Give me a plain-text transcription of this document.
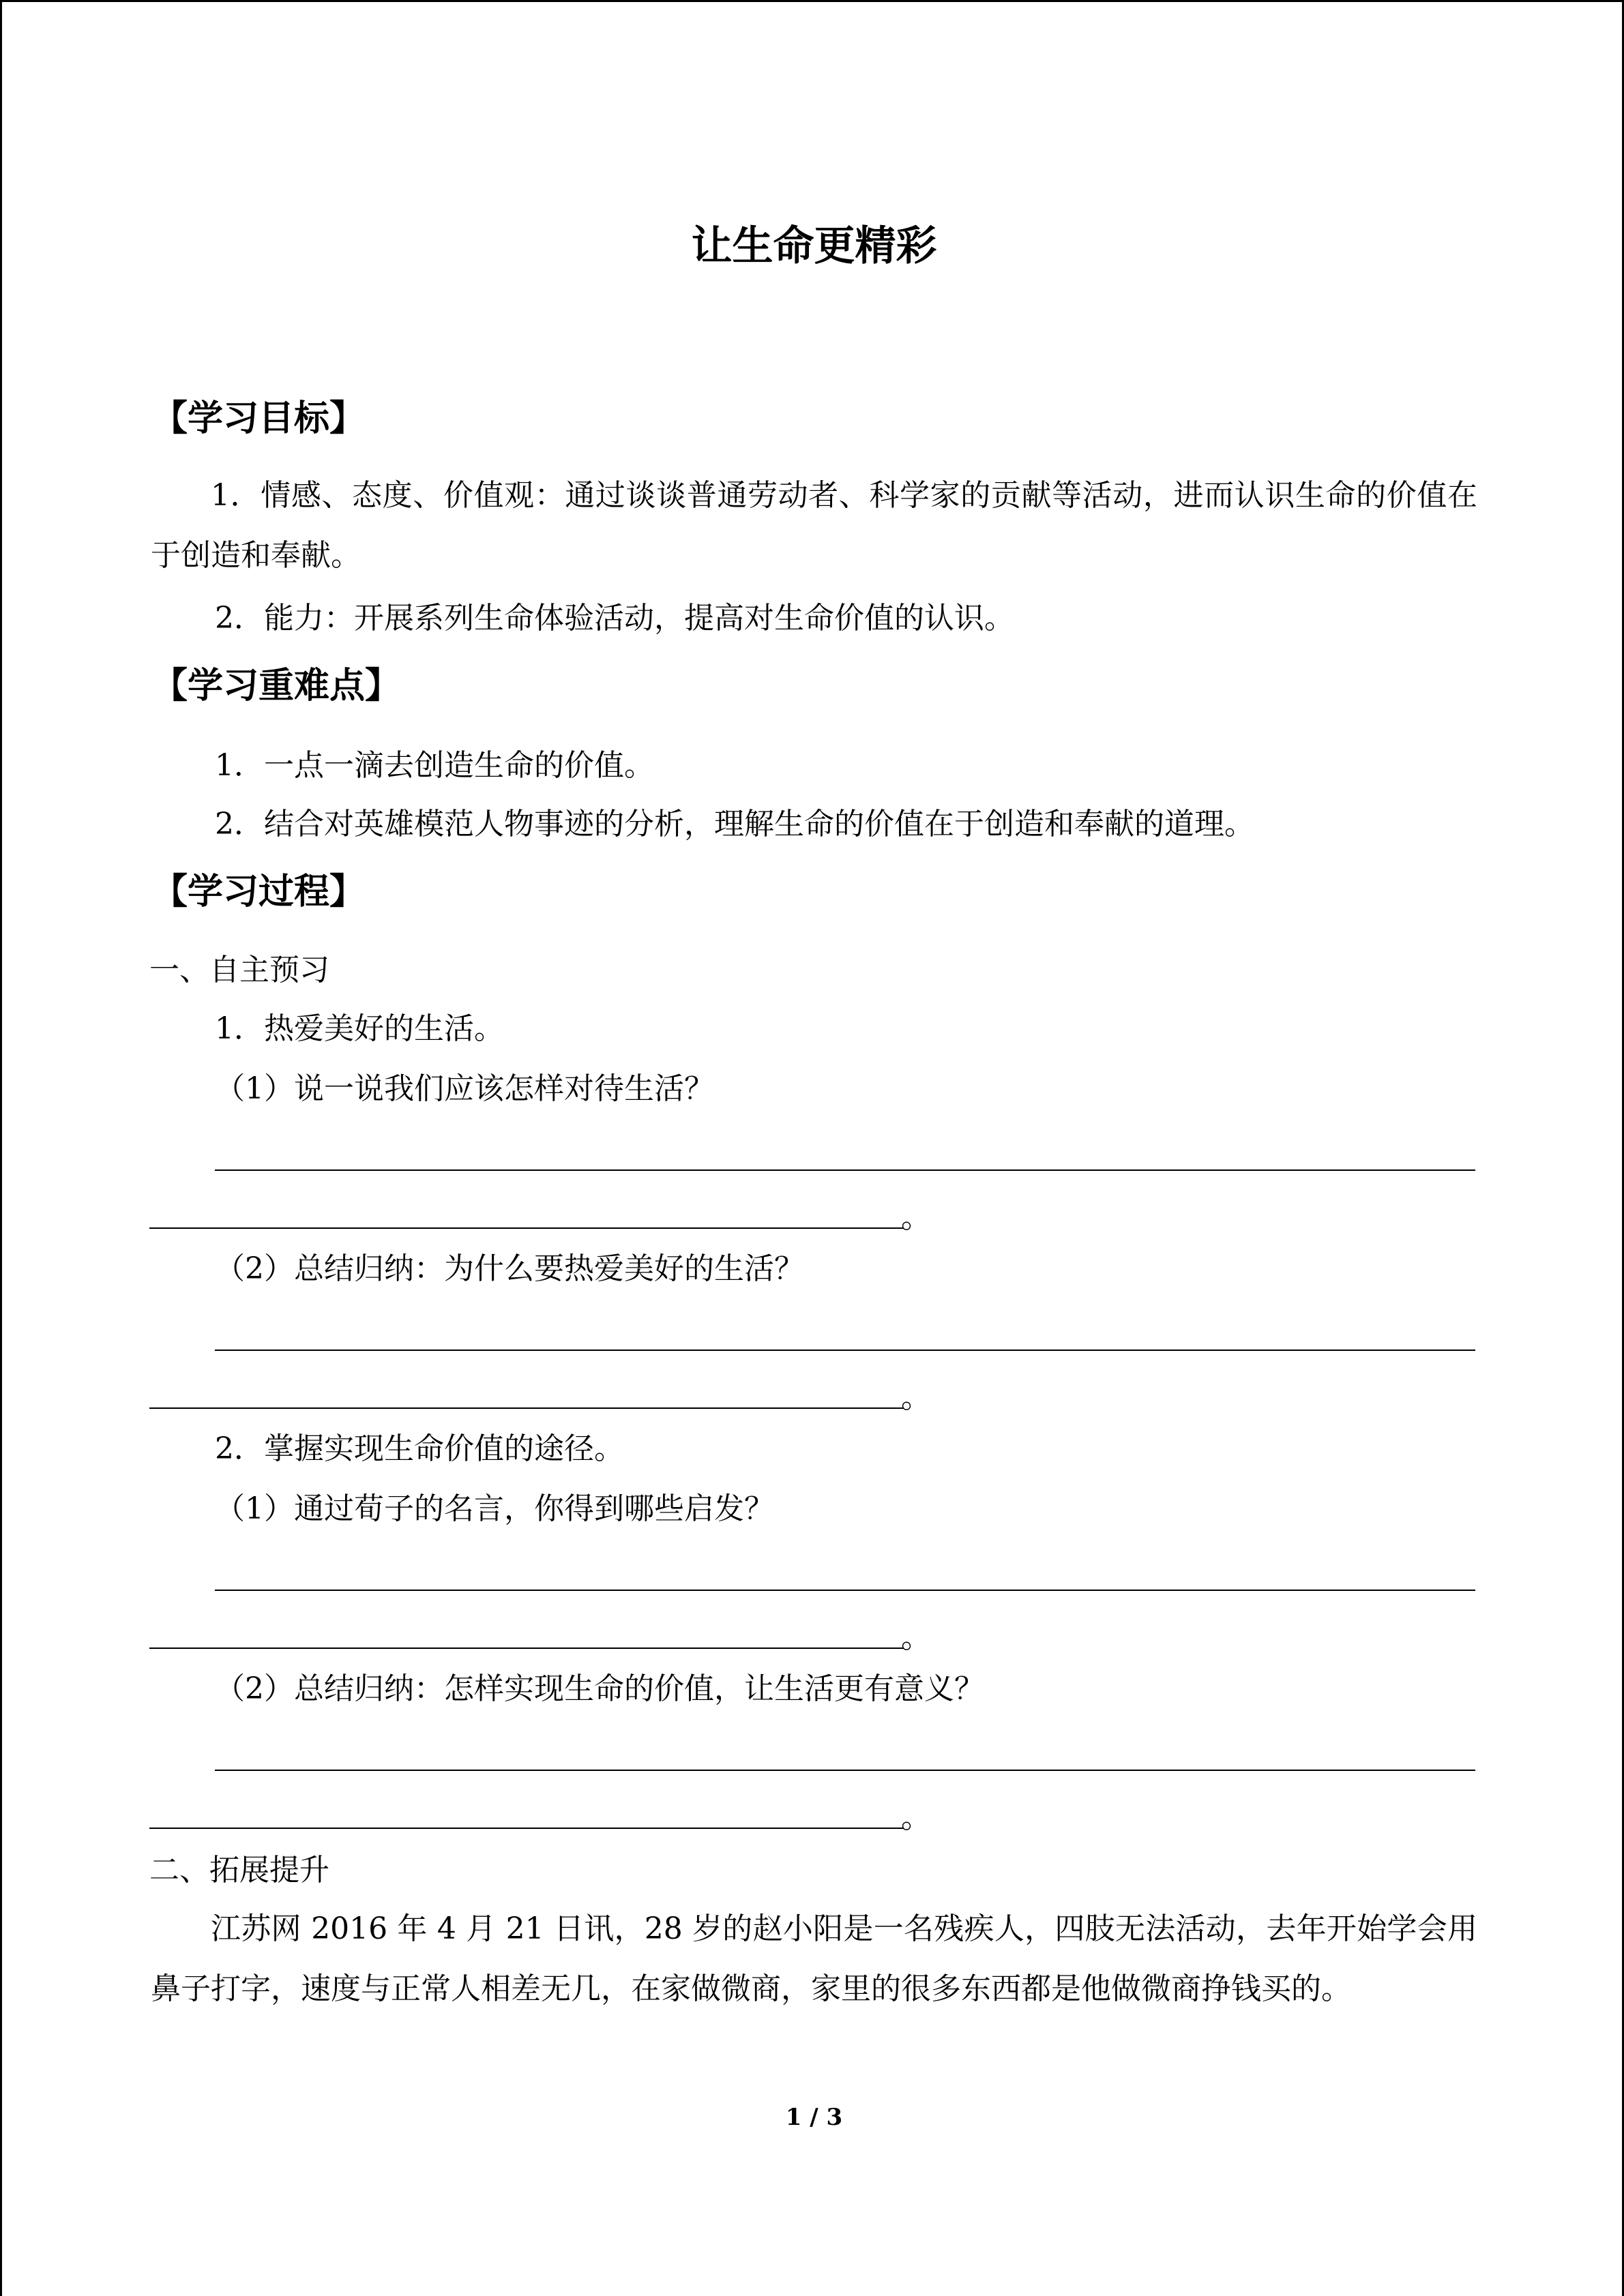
让生命更精彩
【学习目标】
1．情感、态度、价值观：通过谈谈普通劳动者、科学家的贡献等活动，进而认识生命的价值在于创造和奉献。
2．能力：开展系列生命体验活动，提高对生命价值的认识。
【学习重难点】
1．一点一滴去创造生命的价值。
2．结合对英雄模范人物事迹的分析，理解生命的价值在于创造和奉献的道理。
【学习过程】
一、自主预习
1．热爱美好的生活。
（1）说一说我们应该怎样对待生活？
。
（2）总结归纳：为什么要热爱美好的生活？
。
2．掌握实现生命价值的途径。
（1）通过荀子的名言，你得到哪些启发？
。
（2）总结归纳：怎样实现生命的价值，让生活更有意义？
。
二、拓展提升
江苏网 2016 年 4 月 21 日讯，28 岁的赵小阳是一名残疾人，四肢无法活动，去年开始学会用鼻子打字，速度与正常人相差无几，在家做微商，家里的很多东西都是他做微商挣钱买的。
1 / 3
